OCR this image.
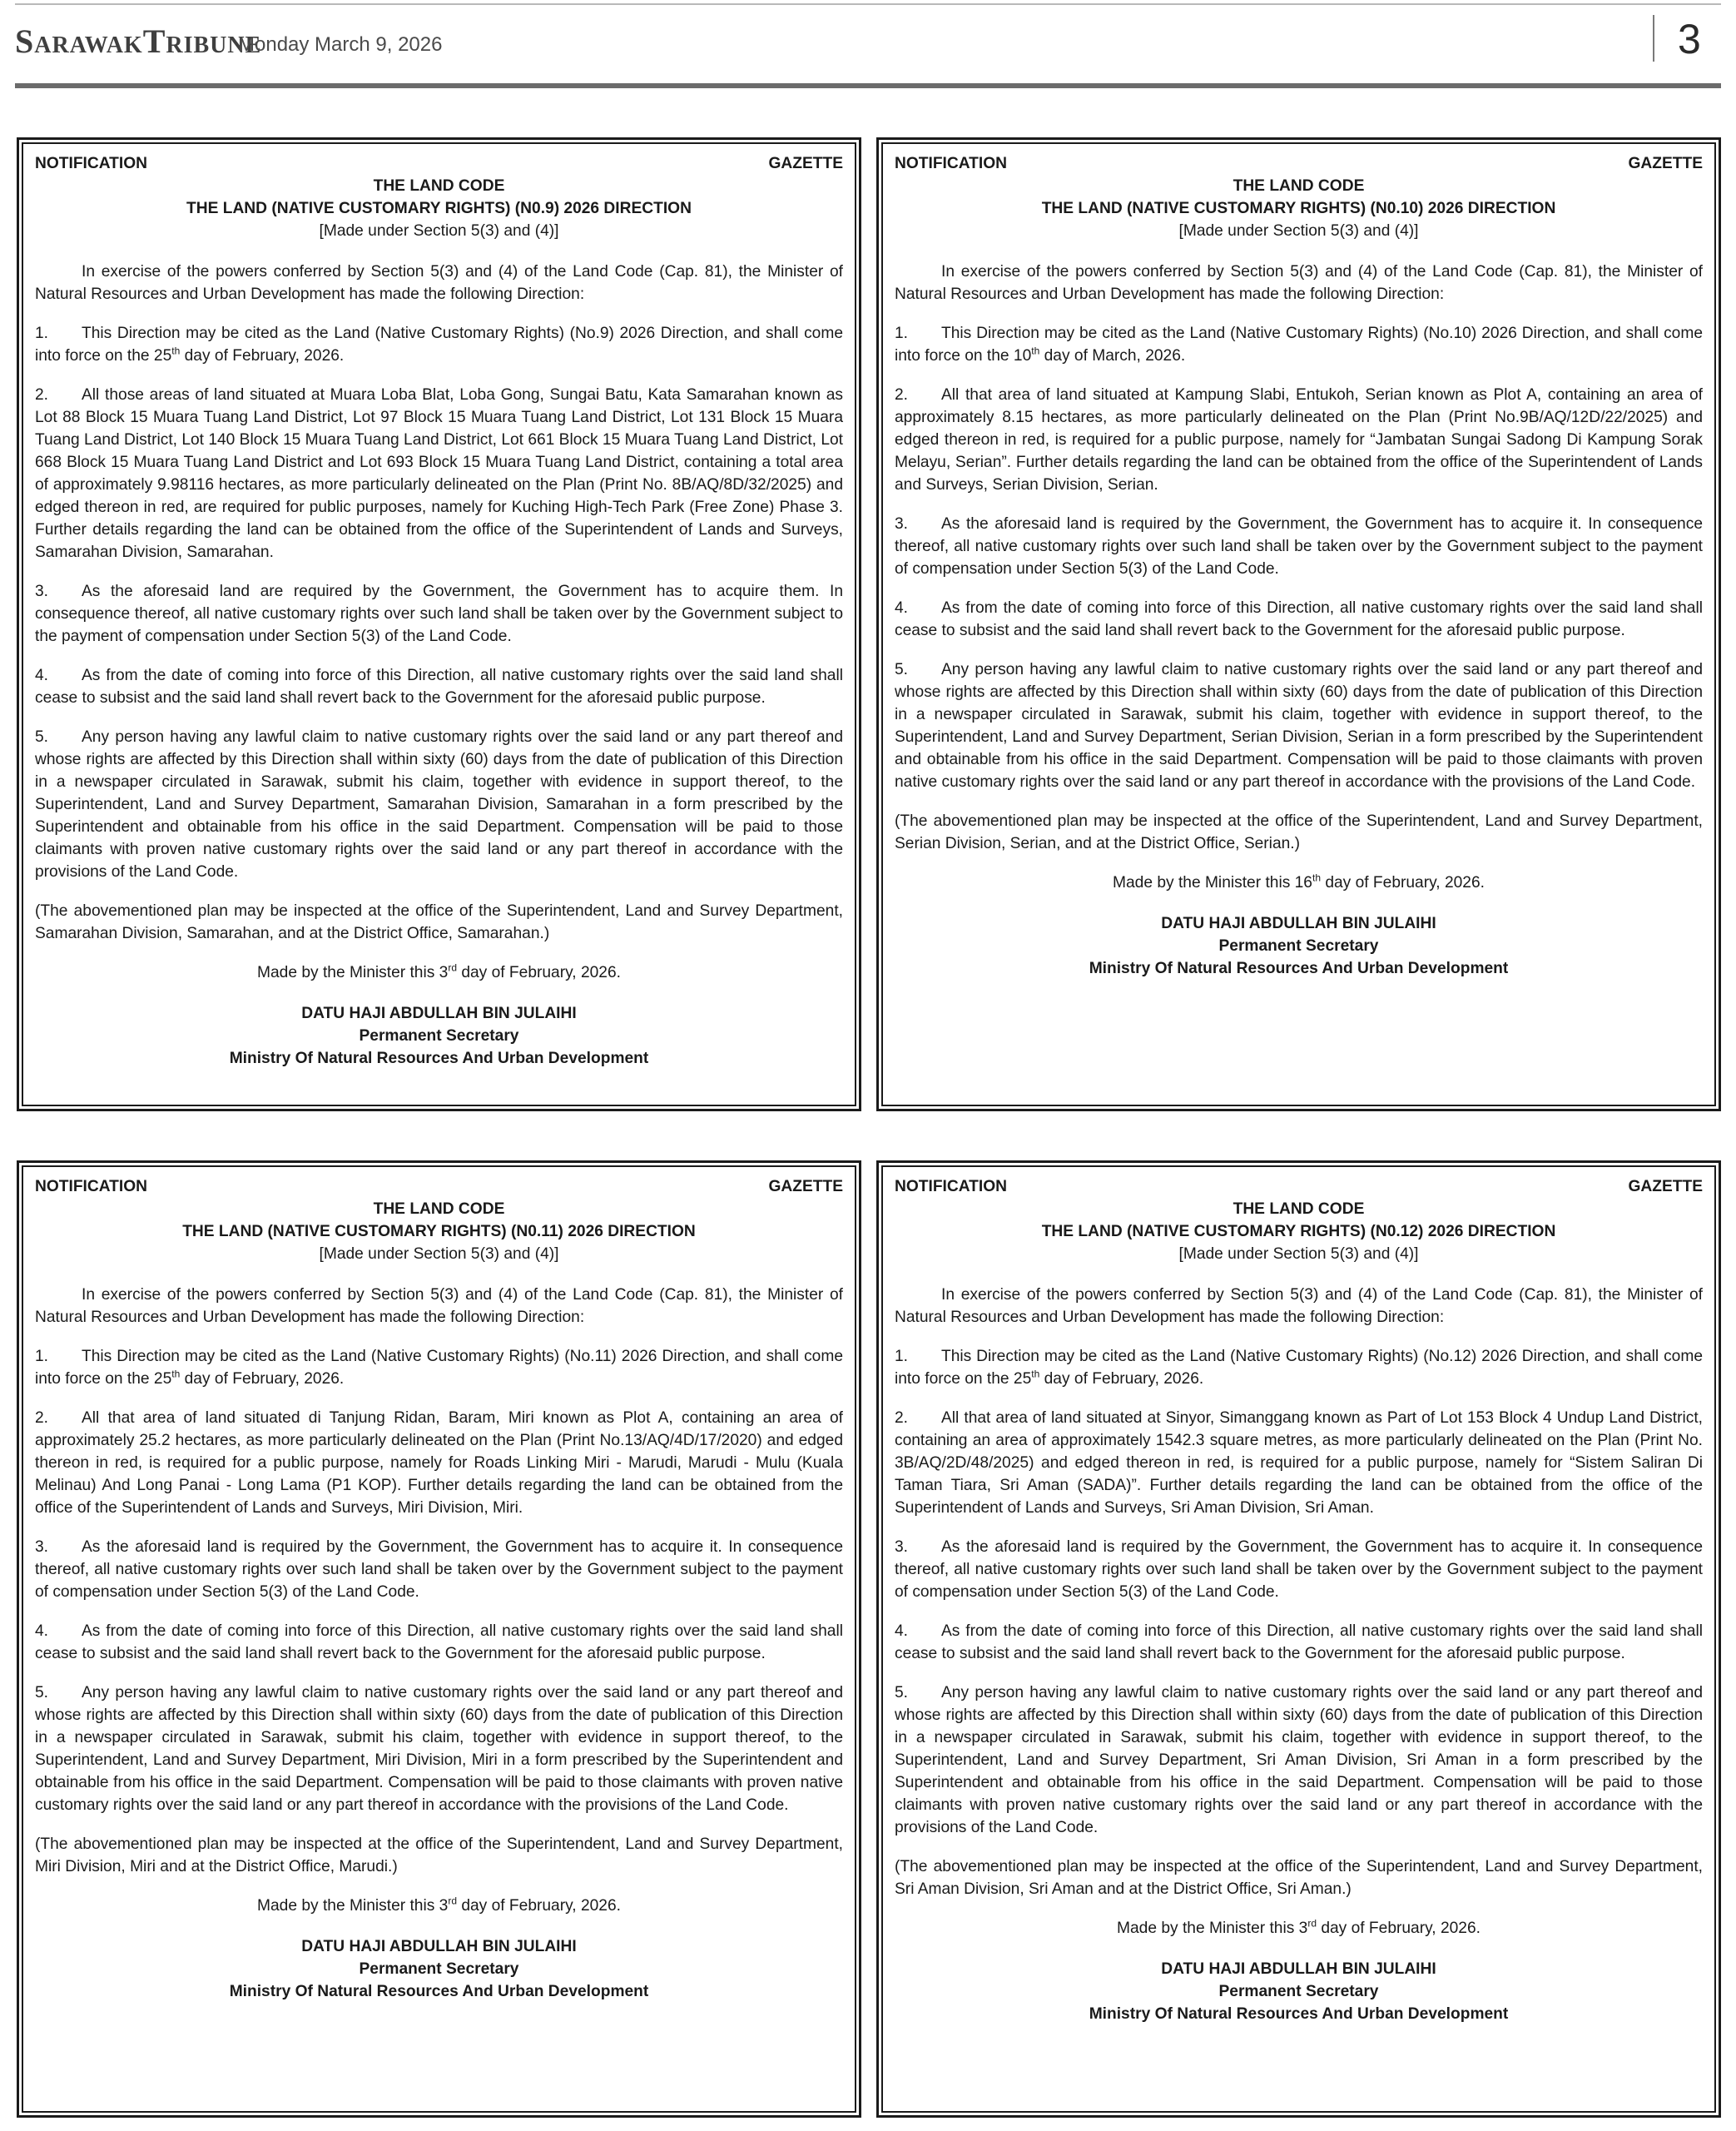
SarawakTribune
Monday March 9, 2026	3
NOTIFICATION	GAZETTE
THE LAND CODE
THE LAND (NATIVE CUSTOMARY RIGHTS) (N0.9) 2026 DIRECTION
[Made under Section 5(3) and (4)]

In exercise of the powers conferred by Section 5(3) and (4) of the Land Code (Cap. 81), the Minister of Natural Resources and Urban Development has made the following Direction:

1. This Direction may be cited as the Land (Native Customary Rights) (No.9) 2026 Direction, and shall come into force on the 25th day of February, 2026.

2. All those areas of land situated at Muara Loba Blat, Loba Gong, Sungai Batu, Kata Samarahan known as Lot 88 Block 15 Muara Tuang Land District, Lot 97 Block 15 Muara Tuang Land District, Lot 131 Block 15 Muara Tuang Land District, Lot 140 Block 15 Muara Tuang Land District, Lot 661 Block 15 Muara Tuang Land District, Lot 668 Block 15 Muara Tuang Land District and Lot 693 Block 15 Muara Tuang Land District, containing a total area of approximately 9.98116 hectares, as more particularly delineated on the Plan (Print No. 8B/AQ/8D/32/2025) and edged thereon in red, are required for public purposes, namely for Kuching High-Tech Park (Free Zone) Phase 3. Further details regarding the land can be obtained from the office of the Superintendent of Lands and Surveys, Samarahan Division, Samarahan.

3. As the aforesaid land are required by the Government, the Government has to acquire them. In consequence thereof, all native customary rights over such land shall be taken over by the Government subject to the payment of compensation under Section 5(3) of the Land Code.

4. As from the date of coming into force of this Direction, all native customary rights over the said land shall cease to subsist and the said land shall revert back to the Government for the aforesaid public purpose.

5. Any person having any lawful claim to native customary rights over the said land or any part thereof and whose rights are affected by this Direction shall within sixty (60) days from the date of publication of this Direction in a newspaper circulated in Sarawak, submit his claim, together with evidence in support thereof, to the Superintendent, Land and Survey Department, Samarahan Division, Samarahan in a form prescribed by the Superintendent and obtainable from his office in the said Department. Compensation will be paid to those claimants with proven native customary rights over the said land or any part thereof in accordance with the provisions of the Land Code.

(The abovementioned plan may be inspected at the office of the Superintendent, Land and Survey Department, Samarahan Division, Samarahan, and at the District Office, Samarahan.)

Made by the Minister this 3rd day of February, 2026.

DATU HAJI ABDULLAH BIN JULAIHI
Permanent Secretary
Ministry Of Natural Resources And Urban Development
NOTIFICATION	GAZETTE
THE LAND CODE
THE LAND (NATIVE CUSTOMARY RIGHTS) (N0.10) 2026 DIRECTION
[Made under Section 5(3) and (4)]

In exercise of the powers conferred by Section 5(3) and (4) of the Land Code (Cap. 81), the Minister of Natural Resources and Urban Development has made the following Direction:

1. This Direction may be cited as the Land (Native Customary Rights) (No.10) 2026 Direction, and shall come into force on the 10th day of March, 2026.

2. All that area of land situated at Kampung Slabi, Entukoh, Serian known as Plot A, containing an area of approximately 8.15 hectares, as more particularly delineated on the Plan (Print No.9B/AQ/12D/22/2025) and edged thereon in red, is required for a public purpose, namely for “Jambatan Sungai Sadong Di Kampung Sorak Melayu, Serian”. Further details regarding the land can be obtained from the office of the Superintendent of Lands and Surveys, Serian Division, Serian.

3. As the aforesaid land is required by the Government, the Government has to acquire it. In consequence thereof, all native customary rights over such land shall be taken over by the Government subject to the payment of compensation under Section 5(3) of the Land Code.

4. As from the date of coming into force of this Direction, all native customary rights over the said land shall cease to subsist and the said land shall revert back to the Government for the aforesaid public purpose.

5. Any person having any lawful claim to native customary rights over the said land or any part thereof and whose rights are affected by this Direction shall within sixty (60) days from the date of publication of this Direction in a newspaper circulated in Sarawak, submit his claim, together with evidence in support thereof, to the Superintendent, Land and Survey Department, Serian Division, Serian in a form prescribed by the Superintendent and obtainable from his office in the said Department. Compensation will be paid to those claimants with proven native customary rights over the said land or any part thereof in accordance with the provisions of the Land Code.

(The abovementioned plan may be inspected at the office of the Superintendent, Land and Survey Department, Serian Division, Serian, and at the District Office, Serian.)

Made by the Minister this 16th day of February, 2026.

DATU HAJI ABDULLAH BIN JULAIHI
Permanent Secretary
Ministry Of Natural Resources And Urban Development
NOTIFICATION	GAZETTE
THE LAND CODE
THE LAND (NATIVE CUSTOMARY RIGHTS) (N0.11) 2026 DIRECTION
[Made under Section 5(3) and (4)]

In exercise of the powers conferred by Section 5(3) and (4) of the Land Code (Cap. 81), the Minister of Natural Resources and Urban Development has made the following Direction:

1. This Direction may be cited as the Land (Native Customary Rights) (No.11) 2026 Direction, and shall come into force on the 25th day of February, 2026.

2. All that area of land situated di Tanjung Ridan, Baram, Miri known as Plot A, containing an area of approximately 25.2 hectares, as more particularly delineated on the Plan (Print No.13/AQ/4D/17/2020) and edged thereon in red, is required for a public purpose, namely for Roads Linking Miri - Marudi, Marudi - Mulu (Kuala Melinau) And Long Panai - Long Lama (P1 KOP). Further details regarding the land can be obtained from the office of the Superintendent of Lands and Surveys, Miri Division, Miri.

3. As the aforesaid land is required by the Government, the Government has to acquire it. In consequence thereof, all native customary rights over such land shall be taken over by the Government subject to the payment of compensation under Section 5(3) of the Land Code.

4. As from the date of coming into force of this Direction, all native customary rights over the said land shall cease to subsist and the said land shall revert back to the Government for the aforesaid public purpose.

5. Any person having any lawful claim to native customary rights over the said land or any part thereof and whose rights are affected by this Direction shall within sixty (60) days from the date of publication of this Direction in a newspaper circulated in Sarawak, submit his claim, together with evidence in support thereof, to the Superintendent, Land and Survey Department, Miri Division, Miri in a form prescribed by the Superintendent and obtainable from his office in the said Department. Compensation will be paid to those claimants with proven native customary rights over the said land or any part thereof in accordance with the provisions of the Land Code.

(The abovementioned plan may be inspected at the office of the Superintendent, Land and Survey Department, Miri Division, Miri and at the District Office, Marudi.)

Made by the Minister this 3rd day of February, 2026.

DATU HAJI ABDULLAH BIN JULAIHI
Permanent Secretary
Ministry Of Natural Resources And Urban Development
NOTIFICATION	GAZETTE
THE LAND CODE
THE LAND (NATIVE CUSTOMARY RIGHTS) (N0.12) 2026 DIRECTION
[Made under Section 5(3) and (4)]

In exercise of the powers conferred by Section 5(3) and (4) of the Land Code (Cap. 81), the Minister of Natural Resources and Urban Development has made the following Direction:

1. This Direction may be cited as the Land (Native Customary Rights) (No.12) 2026 Direction, and shall come into force on the 25th day of February, 2026.

2. All that area of land situated at Sinyor, Simanggang known as Part of Lot 153 Block 4 Undup Land District, containing an area of approximately 1542.3 square metres, as more particularly delineated on the Plan (Print No. 3B/AQ/2D/48/2025) and edged thereon in red, is required for a public purpose, namely for “Sistem Saliran Di Taman Tiara, Sri Aman (SADA)”. Further details regarding the land can be obtained from the office of the Superintendent of Lands and Surveys, Sri Aman Division, Sri Aman.

3. As the aforesaid land is required by the Government, the Government has to acquire it. In consequence thereof, all native customary rights over such land shall be taken over by the Government subject to the payment of compensation under Section 5(3) of the Land Code.

4. As from the date of coming into force of this Direction, all native customary rights over the said land shall cease to subsist and the said land shall revert back to the Government for the aforesaid public purpose.

5. Any person having any lawful claim to native customary rights over the said land or any part thereof and whose rights are affected by this Direction shall within sixty (60) days from the date of publication of this Direction in a newspaper circulated in Sarawak, submit his claim, together with evidence in support thereof, to the Superintendent, Land and Survey Department, Sri Aman Division, Sri Aman in a form prescribed by the Superintendent and obtainable from his office in the said Department. Compensation will be paid to those claimants with proven native customary rights over the said land or any part thereof in accordance with the provisions of the Land Code.

(The abovementioned plan may be inspected at the office of the Superintendent, Land and Survey Department, Sri Aman Division, Sri Aman and at the District Office, Sri Aman.)

Made by the Minister this 3rd day of February, 2026.

DATU HAJI ABDULLAH BIN JULAIHI
Permanent Secretary
Ministry Of Natural Resources And Urban Development
